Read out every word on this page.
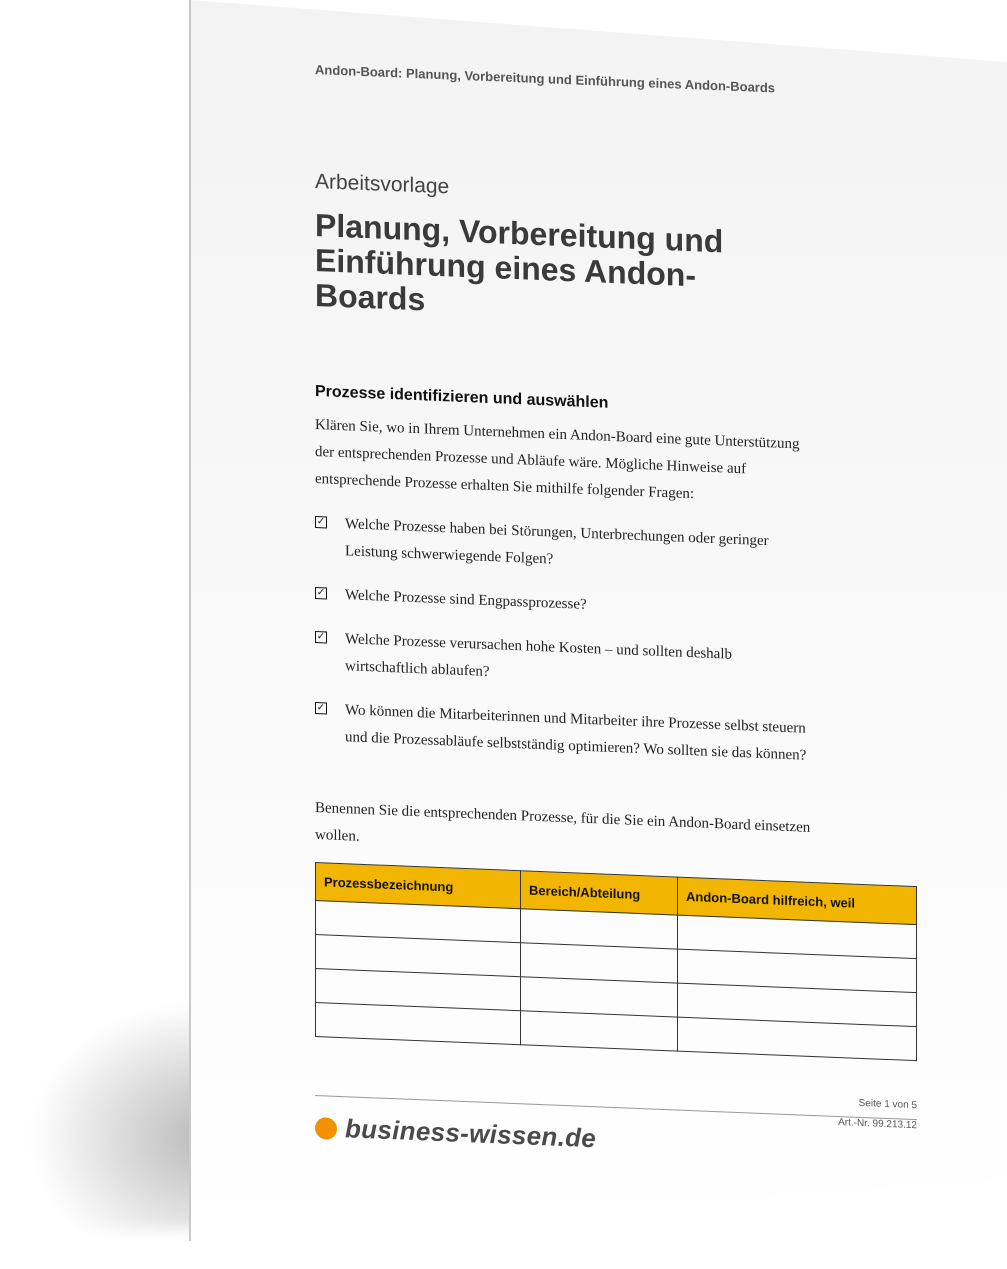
Andon-Board: Planung, Vorbereitung und Einführung eines Andon-Boards
Arbeitsvorlage
Planung, Vorbereitung und Einführung eines Andon-Boards
Prozesse identifizieren und auswählen

Klären Sie, wo in Ihrem Unternehmen ein Andon-Board eine gute Unterstützung der entsprechenden Prozesse und Abläufe wäre. Mögliche Hinweise auf entsprechende Prozesse erhalten Sie mithilfe folgender Fragen:

✓ Welche Prozesse haben bei Störungen, Unterbrechungen oder geringer Leistung schwerwiegende Folgen?
✓ Welche Prozesse sind Engpassprozesse?
✓ Welche Prozesse verursachen hohe Kosten – und sollten deshalb wirtschaftlich ablaufen?
✓ Wo können die Mitarbeiterinnen und Mitarbeiter ihre Prozesse selbst steuern und die Prozessabläufe selbstständig optimieren? Wo sollten sie das können?

Benennen Sie die entsprechenden Prozesse, für die Sie ein Andon-Board einsetzen wollen.

Prozessbezeichnung	Bereich/Abteilung	Andon-Board hilfreich, weil

Seite 1 von 5
Art.-Nr. 99.213.12
business-wissen.de
